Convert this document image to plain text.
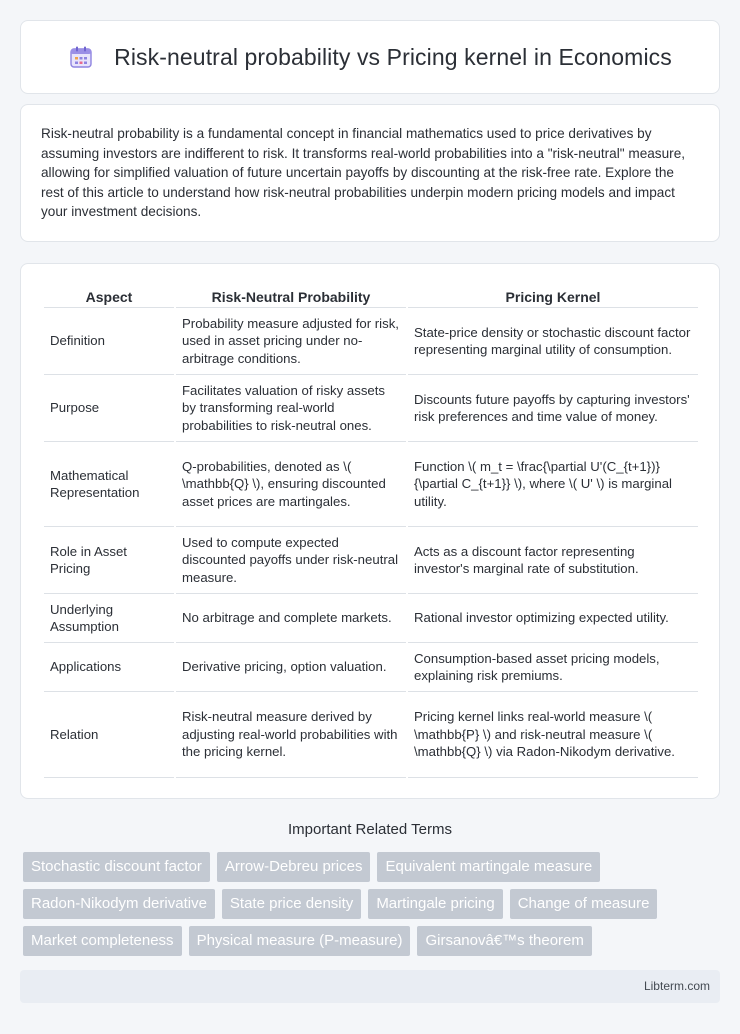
Risk-neutral probability vs Pricing kernel in Economics

Risk-neutral probability is a fundamental concept in financial mathematics used to price derivatives by assuming investors are indifferent to risk. It transforms real-world probabilities into a "risk-neutral" measure, allowing for simplified valuation of future uncertain payoffs by discounting at the risk-free rate. Explore the rest of this article to understand how risk-neutral probabilities underpin modern pricing models and impact your investment decisions.

Aspect	Risk-Neutral Probability	Pricing Kernel
Definition	Probability measure adjusted for risk, used in asset pricing under no-arbitrage conditions.	State-price density or stochastic discount factor representing marginal utility of consumption.
Purpose	Facilitates valuation of risky assets by transforming real-world probabilities to risk-neutral ones.	Discounts future payoffs by capturing investors' risk preferences and time value of money.
Mathematical Representation	Q-probabilities, denoted as \( \mathbb{Q} \), ensuring discounted asset prices are martingales.	Function \( m_t = \frac{\partial U'(C_{t+1})}{\partial C_{t+1}} \), where \( U' \) is marginal utility.
Role in Asset Pricing	Used to compute expected discounted payoffs under risk-neutral measure.	Acts as a discount factor representing investor's marginal rate of substitution.
Underlying Assumption	No arbitrage and complete markets.	Rational investor optimizing expected utility.
Applications	Derivative pricing, option valuation.	Consumption-based asset pricing models, explaining risk premiums.
Relation	Risk-neutral measure derived by adjusting real-world probabilities with the pricing kernel.	Pricing kernel links real-world measure \( \mathbb{P} \) and risk-neutral measure \( \mathbb{Q} \) via Radon-Nikodym derivative.
Important Related Terms
Stochastic discount factor	Arrow-Debreu prices	Equivalent martingale measure
Radon-Nikodym derivative	State price density	Martingale pricing	Change of measure
Market completeness	Physical measure (P-measure)	Girsanovâ€™s theorem
Libterm.com
